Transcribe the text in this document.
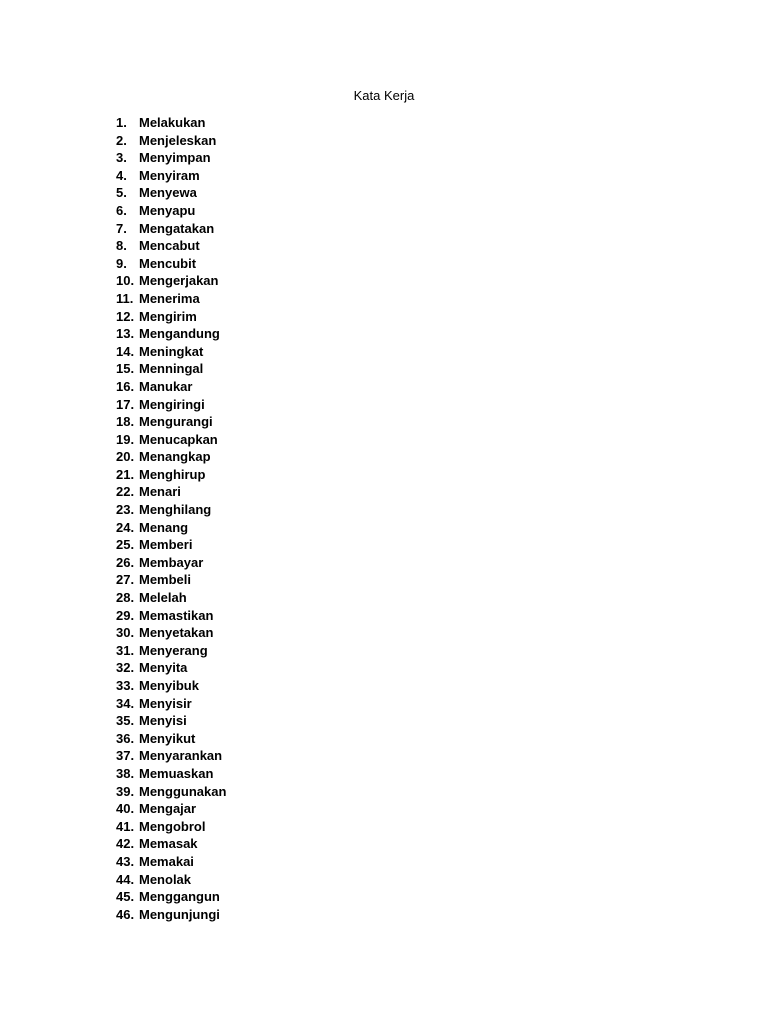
Kata Kerja
1. Melakukan
2. Menjeleskan
3. Menyimpan
4. Menyiram
5. Menyewa
6. Menyapu
7. Mengatakan
8. Mencabut
9. Mencubit
10. Mengerjakan
11. Menerima
12. Mengirim
13. Mengandung
14. Meningkat
15. Menningal
16. Manukar
17. Mengiringi
18. Mengurangi
19. Menucapkan
20. Menangkap
21. Menghirup
22. Menari
23. Menghilang
24. Menang
25. Memberi
26. Membayar
27. Membeli
28. Melelah
29. Memastikan
30. Menyetakan
31. Menyerang
32. Menyita
33. Menyibuk
34. Menyisir
35. Menyisi
36. Menyikut
37. Menyarankan
38. Memuaskan
39. Menggunakan
40. Mengajar
41. Mengobrol
42. Memasak
43. Memakai
44. Menolak
45. Menggangun
46. Mengunjungi
